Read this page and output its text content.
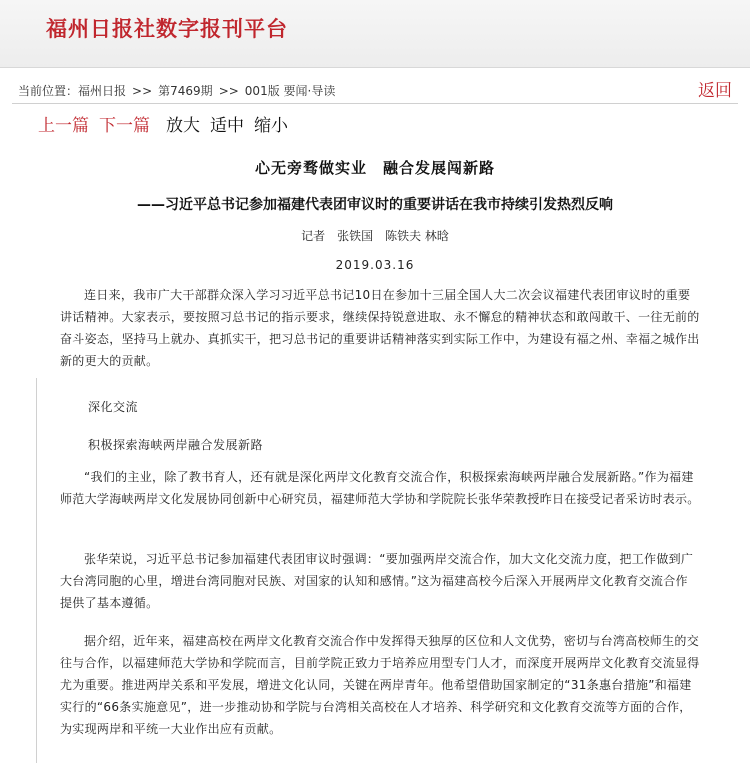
福州日报社数字报刊平台
当前位置：福州日报 >> 第7469期 >> 001版 要闻·导读	返回
上一篇 下一篇 放大 适中 缩小
心无旁骛做实业　融合发展闯新路
——习近平总书记参加福建代表团审议时的重要讲话在我市持续引发热烈反响
记者　张铁国　陈铁夫 林晗
2019.03.16
连日来，我市广大干部群众深入学习习近平总书记10日在参加十三届全国人大二次会议福建代表团审议时的重要讲话精神。大家表示，要按照习总书记的指示要求，继续保持锐意进取、永不懈怠的精神状态和敢闯敢干、一往无前的奋斗姿态，坚持马上就办、真抓实干，把习总书记的重要讲话精神落实到实际工作中，为建设有福之州、幸福之城作出新的更大的贡献。
深化交流
积极探索海峡两岸融合发展新路
“我们的主业，除了教书育人，还有就是深化两岸文化教育交流合作，积极探索海峡两岸融合发展新路。”作为福建师范大学海峡两岸文化发展协同创新中心研究员，福建师范大学协和学院院长张华荣教授昨日在接受记者采访时表示。
张华荣说，习近平总书记参加福建代表团审议时强调：“要加强两岸交流合作，加大文化交流力度，把工作做到广大台湾同胞的心里，增进台湾同胞对民族、对国家的认知和感情。”这为福建高校今后深入开展两岸文化教育交流合作提供了基本遵循。
据介绍，近年来，福建高校在两岸文化教育交流合作中发挥得天独厚的区位和人文优势，密切与台湾高校师生的交往与合作，以福建师范大学协和学院而言，目前学院正致力于培养应用型专门人才，而深度开展两岸文化教育交流显得尤为重要。推进两岸关系和平发展，增进文化认同，关键在两岸青年。他希望借助国家制定的“31条惠台措施”和福建实行的“66条实施意见”，进一步推动协和学院与台湾相关高校在人才培养、科学研究和文化教育交流等方面的合作，为实现两岸和平统一大业作出应有贡献。
